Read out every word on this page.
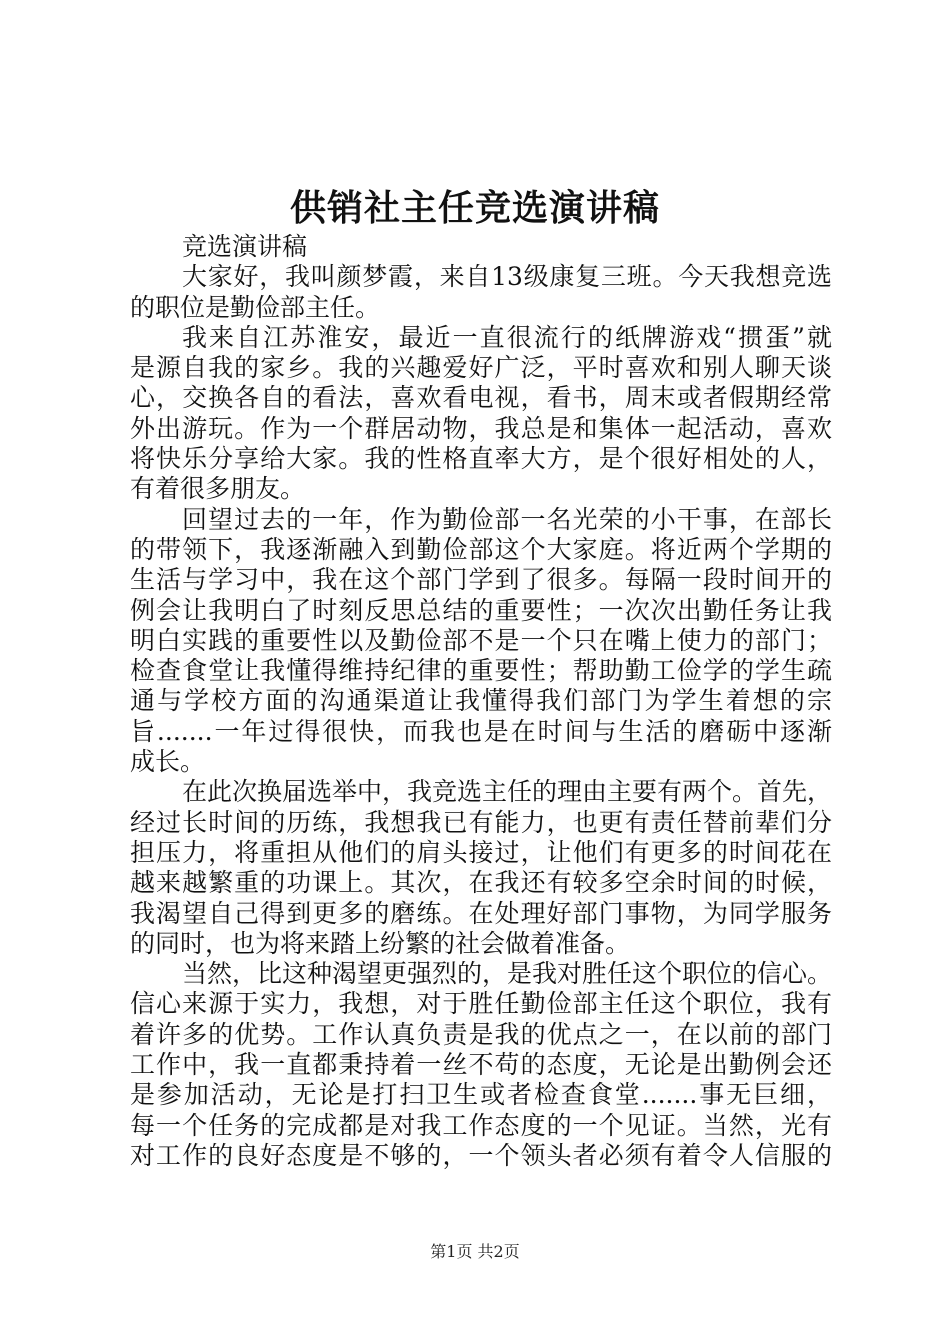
供销社主任竞选演讲稿
竞选演讲稿
大家好，我叫颜梦霞，来自13级康复三班。今天我想竞选
的职位是勤俭部主任。
我来自江苏淮安，最近一直很流行的纸牌游戏“掼蛋”就
是源自我的家乡。我的兴趣爱好广泛，平时喜欢和别人聊天谈
心，交换各自的看法，喜欢看电视，看书，周末或者假期经常
外出游玩。作为一个群居动物，我总是和集体一起活动，喜欢
将快乐分享给大家。我的性格直率大方，是个很好相处的人，
有着很多朋友。
回望过去的一年，作为勤俭部一名光荣的小干事，在部长
的带领下，我逐渐融入到勤俭部这个大家庭。将近两个学期的
生活与学习中，我在这个部门学到了很多。每隔一段时间开的
例会让我明白了时刻反思总结的重要性；一次次出勤任务让我
明白实践的重要性以及勤俭部不是一个只在嘴上使力的部门；
检查食堂让我懂得维持纪律的重要性；帮助勤工俭学的学生疏
通与学校方面的沟通渠道让我懂得我们部门为学生着想的宗
旨.......一年过得很快，而我也是在时间与生活的磨砺中逐渐
成长。
在此次换届选举中，我竞选主任的理由主要有两个。首先，
经过长时间的历练，我想我已有能力，也更有责任替前辈们分
担压力，将重担从他们的肩头接过，让他们有更多的时间花在
越来越繁重的功课上。其次，在我还有较多空余时间的时候，
我渴望自己得到更多的磨练。在处理好部门事物，为同学服务
的同时，也为将来踏上纷繁的社会做着准备。
当然，比这种渴望更强烈的，是我对胜任这个职位的信心。
信心来源于实力，我想，对于胜任勤俭部主任这个职位，我有
着许多的优势。工作认真负责是我的优点之一，在以前的部门
工作中，我一直都秉持着一丝不苟的态度，无论是出勤例会还
是参加活动，无论是打扫卫生或者检查食堂.......事无巨细，
每一个任务的完成都是对我工作态度的一个见证。当然，光有
对工作的良好态度是不够的，一个领头者必须有着令人信服的
第1页 共2页
